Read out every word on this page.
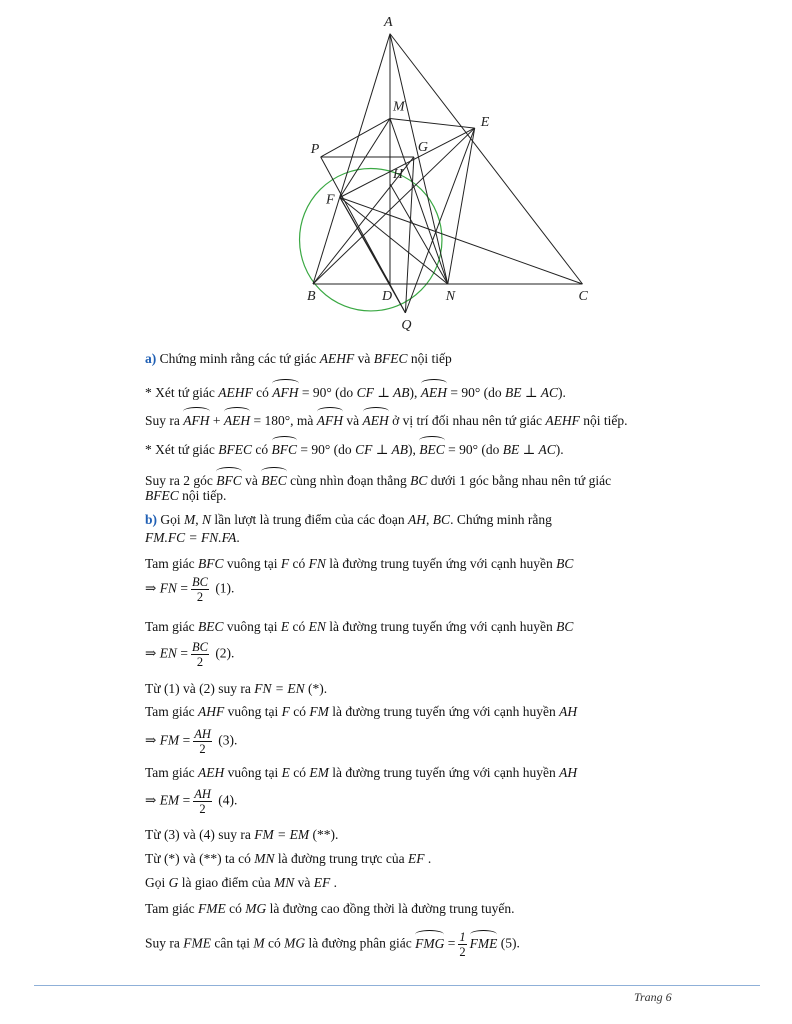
A
M
E
P	G
H
F
B	D	N	C
Q
a) Chứng minh rằng các tứ giác AEHF và BFEC nội tiếp
* Xét tứ giác AEHF có AFH = 90° (do CF ⊥ AB), AEH = 90° (do BE ⊥ AC).
Suy ra AFH + AEH = 180°, mà AFH và AEH ở vị trí đối nhau nên tứ giác AEHF nội tiếp.
* Xét tứ giác BFEC có BFC = 90° (do CF ⊥ AB), BEC = 90° (do BE ⊥ AC).
Suy ra 2 góc BFC và BEC cùng nhìn đoạn thẳng BC dưới 1 góc bằng nhau nên tứ giác
BFEC nội tiếp.
b) Gọi M, N lần lượt là trung điểm của các đoạn AH, BC. Chứng minh rằng
FM.FC = FN.FA.
Tam giác BFC vuông tại F có FN là đường trung tuyến ứng với cạnh huyền BC
⇒ FN = $\frac{BC}{2} (1)$.
Tam giác BEC vuông tại E có EN là đường trung tuyến ứng với cạnh huyền BC
⇒ EN = $\frac{BC}{2} (2)$.
Từ (1) và (2) suy ra FN = EN (*).
Tam giác AHF vuông tại F có FM là đường trung tuyến ứng với cạnh huyền AH
⇒ FM = $\frac{AH}{2} (3)$.
Tam giác AEH vuông tại E có EM là đường trung tuyến ứng với cạnh huyền AH
⇒ EM = $\frac{AH}{2} (4)$.
Từ (3) và (4) suy ra FM = EM (**).
Từ (*) và (**) ta có MN là đường trung trực của EF .
Gọi G là giao điểm của MN và EF .
Tam giác FME có MG là đường cao đồng thời là đường trung tuyến.
Suy ra FME cân tại M có MG là đường phân giác FMG = $\frac{1}{2}$ FME (5).
Trang 6
